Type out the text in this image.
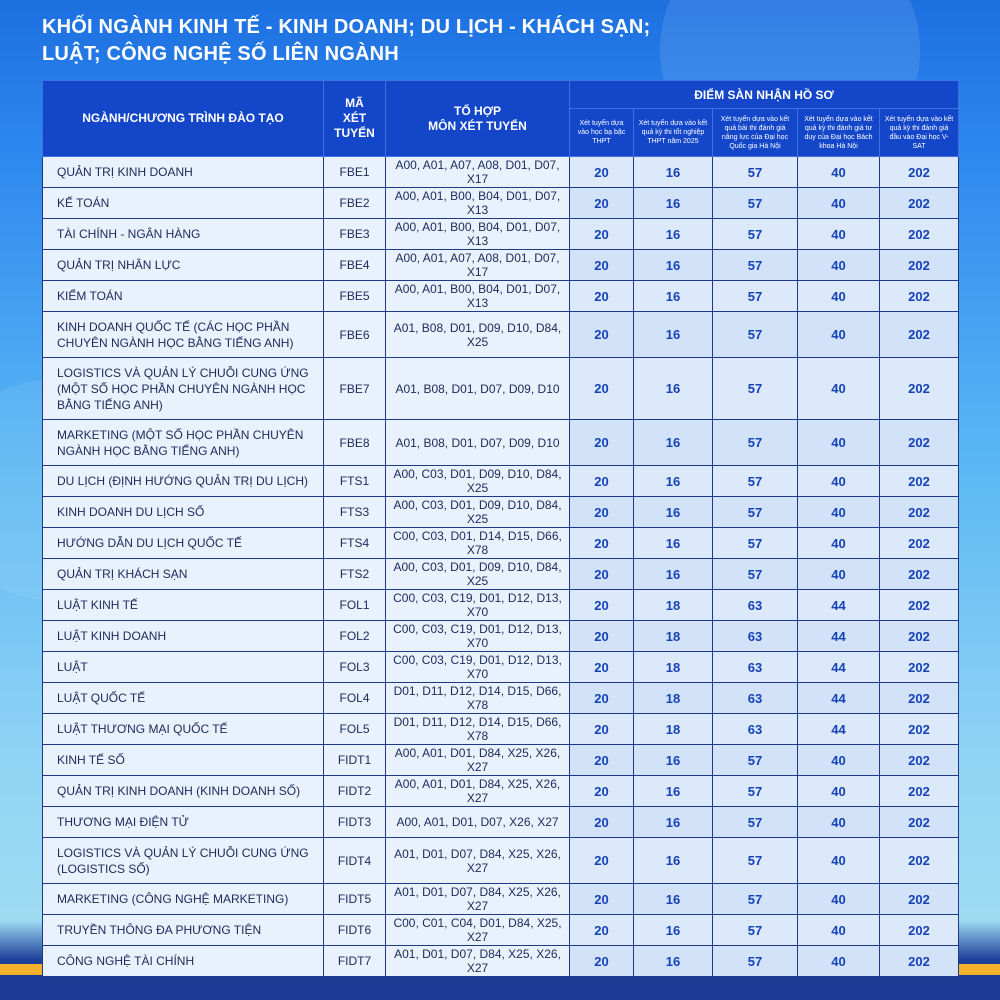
KHỐI NGÀNH KINH TẾ - KINH DOANH; DU LỊCH - KHÁCH SẠN;
LUẬT; CÔNG NGHỆ SỐ LIÊN NGÀNH
NGÀNH/CHƯƠNG TRÌNH ĐÀO TẠO	MÃ XÉT TUYỂN	TỔ HỢP
MÔN XÉT TUYỂN	ĐIỂM SÀN NHẬN HỒ SƠ				
			Xét tuyển dựa vào học bạ bậc THPT	Xét tuyển dựa vào kết quả kỳ thi tốt nghiệp THPT năm 2025	Xét tuyển dựa vào kết quả bài thi đánh giá năng lực của Đại học Quốc gia Hà Nội	Xét tuyển dựa vào kết quả kỳ thi đánh giá tư duy của Đại học Bách khoa Hà Nội	Xét tuyển dựa vào kết quả kỳ thi đánh giá đầu vào Đại học V-SAT
QUẢN TRỊ KINH DOANH	FBE1	A00, A01, A07, A08, D01, D07, X17	20	16	57	40	202
KẾ TOÁN	FBE2	A00, A01, B00, B04, D01, D07, X13	20	16	57	40	202
TÀI CHÍNH - NGÂN HÀNG	FBE3	A00, A01, B00, B04, D01, D07, X13	20	16	57	40	202
QUẢN TRỊ NHÂN LỰC	FBE4	A00, A01, A07, A08, D01, D07, X17	20	16	57	40	202
KIỂM TOÁN	FBE5	A00, A01, B00, B04, D01, D07, X13	20	16	57	40	202
KINH DOANH QUỐC TẾ (CÁC HỌC PHẦN CHUYÊN NGÀNH HỌC BẰNG TIẾNG ANH)	FBE6	A01, B08, D01, D09, D10, D84, X25	20	16	57	40	202
LOGISTICS VÀ QUẢN LÝ CHUỖI CUNG ỨNG (MỘT SỐ HỌC PHẦN CHUYÊN NGÀNH HỌC BẰNG TIẾNG ANH)	FBE7	A01, B08, D01, D07, D09, D10	20	16	57	40	202
MARKETING (MỘT SỐ HỌC PHẦN CHUYÊN NGÀNH HỌC BẰNG TIẾNG ANH)	FBE8	A01, B08, D01, D07, D09, D10	20	16	57	40	202
DU LỊCH (ĐỊNH HƯỚNG QUẢN TRỊ DU LỊCH)	FTS1	A00, C03, D01, D09, D10, D84, X25	20	16	57	40	202
KINH DOANH DU LỊCH SỐ	FTS3	A00, C03, D01, D09, D10, D84, X25	20	16	57	40	202
HƯỚNG DẪN DU LỊCH QUỐC TẾ	FTS4	C00, C03, D01, D14, D15, D66, X78	20	16	57	40	202
QUẢN TRỊ KHÁCH SẠN	FTS2	A00, C03, D01, D09, D10, D84, X25	20	16	57	40	202
LUẬT KINH TẾ	FOL1	C00, C03, C19, D01, D12, D13, X70	20	18	63	44	202
LUẬT KINH DOANH	FOL2	C00, C03, C19, D01, D12, D13, X70	20	18	63	44	202
LUẬT	FOL3	C00, C03, C19, D01, D12, D13, X70	20	18	63	44	202
LUẬT QUỐC TẾ	FOL4	D01, D11, D12, D14, D15, D66, X78	20	18	63	44	202
LUẬT THƯƠNG MẠI QUỐC TẾ	FOL5	D01, D11, D12, D14, D15, D66, X78	20	18	63	44	202
KINH TẾ SỐ	FIDT1	A00, A01, D01, D84, X25, X26, X27	20	16	57	40	202
QUẢN TRỊ KINH DOANH (KINH DOANH SỐ)	FIDT2	A00, A01, D01, D84, X25, X26, X27	20	16	57	40	202
THƯƠNG MẠI ĐIỆN TỬ	FIDT3	A00, A01, D01, D07, X26, X27	20	16	57	40	202
LOGISTICS VÀ QUẢN LÝ CHUỖI CUNG ỨNG (LOGISTICS SỐ)	FIDT4	A01, D01, D07, D84, X25, X26, X27	20	16	57	40	202
MARKETING (CÔNG NGHỆ MARKETING)	FIDT5	A01, D01, D07, D84, X25, X26, X27	20	16	57	40	202
TRUYỀN THÔNG ĐA PHƯƠNG TIỆN	FIDT6	C00, C01, C04, D01, D84, X25, X27	20	16	57	40	202
CÔNG NGHỆ TÀI CHÍNH	FIDT7	A01, D01, D07, D84, X25, X26, X27	20	16	57	40	202
